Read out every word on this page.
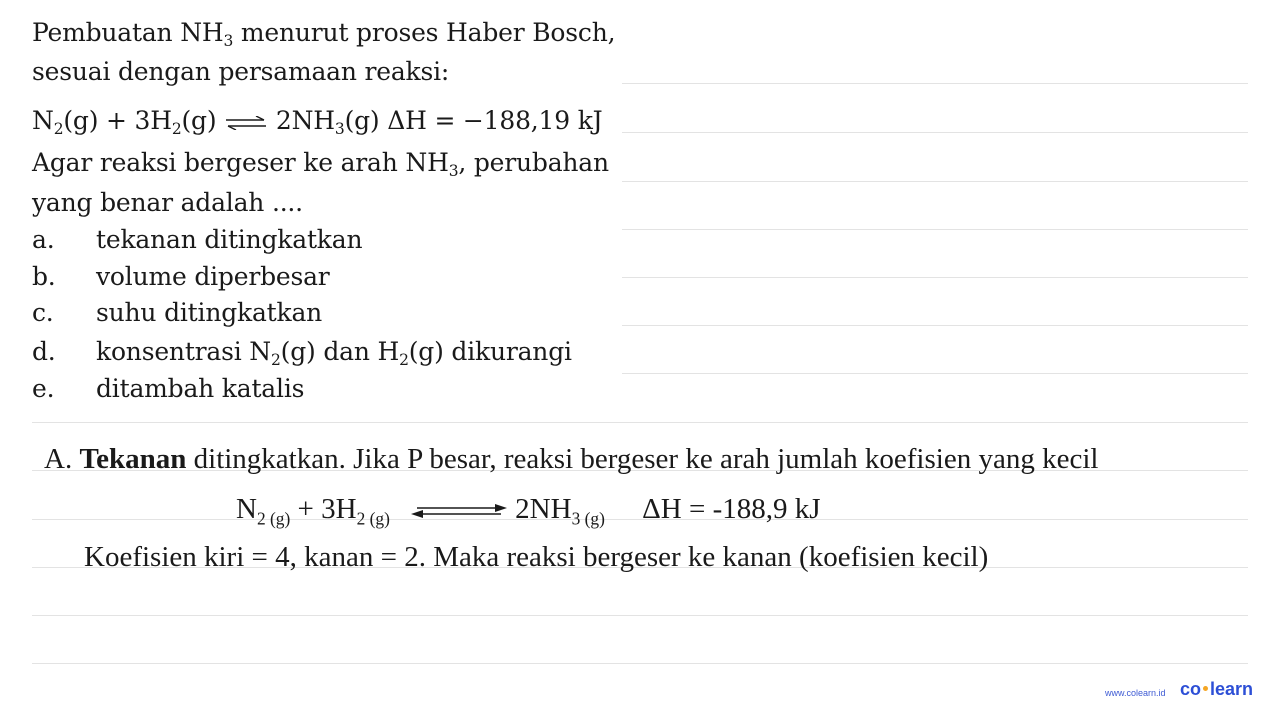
Pembuatan $NH_3$ menurut proses Haber Bosch,
sesuai dengan persamaan reaksi:
$N_2(g) + 3H_2(g)$ ⇌ $2NH_3(g) \Delta H = -188,19$ kJ
Agar reaksi bergeser ke arah $NH_3$, perubahan
yang benar adalah ....
a. tekanan ditingkatkan
b. volume diperbesar
c. suhu ditingkatkan
d. konsentrasi $N_2(g)$ dan $H_2(g)$ dikurangi
e. ditambah katalis
A. Tekanan ditingkatkan. Jika P besar, reaksi bergeser ke arah jumlah koefisien yang kecil
$N_{2 (g)} + 3H_{2 (g)}$ ⇌ $2NH_{3 (g)}$ ΔH = -188,9 kJ
Koefisien kiri = 4, kanan = 2. Maka reaksi bergeser ke kanan (koefisien kecil)
www.colearn.id co learn
